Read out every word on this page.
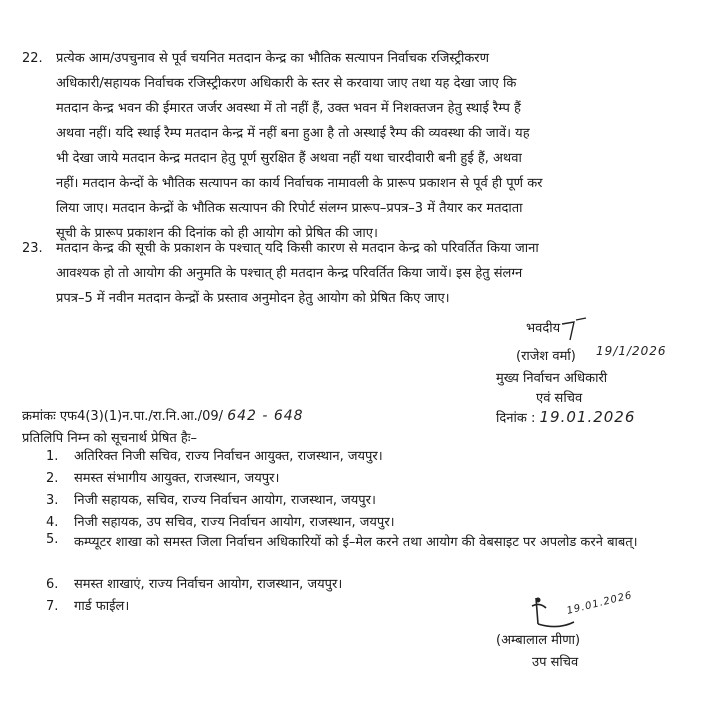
22. प्रत्येक आम/उपचुनाव से पूर्व चयनित मतदान केन्द्र का भौतिक सत्यापन निर्वाचक रजिस्ट्रीकरण
अधिकारी/सहायक निर्वाचक रजिस्ट्रीकरण अधिकारी के स्तर से करवाया जाए तथा यह देखा जाए कि
मतदान केन्द्र भवन की ईमारत जर्जर अवस्था में तो नहीं हैं, उक्त भवन में निशक्तजन हेतु स्थाई रैम्प हैं
अथवा नहीं। यदि स्थाई रैम्प मतदान केन्द्र में नहीं बना हुआ है तो अस्थाई रैम्प की व्यवस्था की जावें। यह
भी देखा जाये मतदान केन्द्र मतदान हेतु पूर्ण सुरक्षित हैं अथवा नहीं यथा चारदीवारी बनी हुई हैं, अथवा
नहीं। मतदान केन्दों के भौतिक सत्यापन का कार्य निर्वाचक नामावली के प्रारूप प्रकाशन से पूर्व ही पूर्ण कर
लिया जाए। मतदान केन्द्रों के भौतिक सत्यापन की रिपोर्ट संलग्न प्रारूप–प्रपत्र–3 में तैयार कर मतदाता
सूची के प्रारूप प्रकाशन की दिनांक को ही आयोग को प्रेषित की जाए।
23. मतदान केन्द्र की सूची के प्रकाशन के पश्चात् यदि किसी कारण से मतदान केन्द्र को परिवर्तित किया जाना
आवश्यक हो तो आयोग की अनुमति के पश्चात् ही मतदान केन्द्र परिवर्तित किया जायें। इस हेतु संलग्न
प्रपत्र–5 में नवीन मतदान केन्द्रों के प्रस्ताव अनुमोदन हेतु आयोग को प्रेषित किए जाए।
भवदीय
(राजेश वर्मा) 19/1/2026
मुख्य निर्वाचन अधिकारी
एवं सचिव
क्रमांकः एफ4(3)(1)न.पा./रा.नि.आ./09/ 642 - 648	दिनांक : 19.01.2026
प्रतिलिपि निम्न को सूचनार्थ प्रेषित हैः–
1. अतिरिक्त निजी सचिव, राज्य निर्वाचन आयुक्त, राजस्थान, जयपुर।
2. समस्त संभागीय आयुक्त, राजस्थान, जयपुर।
3. निजी सहायक, सचिव, राज्य निर्वाचन आयोग, राजस्थान, जयपुर।
4. निजी सहायक, उप सचिव, राज्य निर्वाचन आयोग, राजस्थान, जयपुर।
5. कम्प्यूटर शाखा को समस्त जिला निर्वाचन अधिकारियों को ई–मेल करने तथा आयोग की वेबसाइट पर अपलोड करने बाबत्।
6. समस्त शाखाएं, राज्य निर्वाचन आयोग, राजस्थान, जयपुर।
7. गार्ड फाईल।	19.01.2026
(अम्बालाल मीणा)
उप सचिव
